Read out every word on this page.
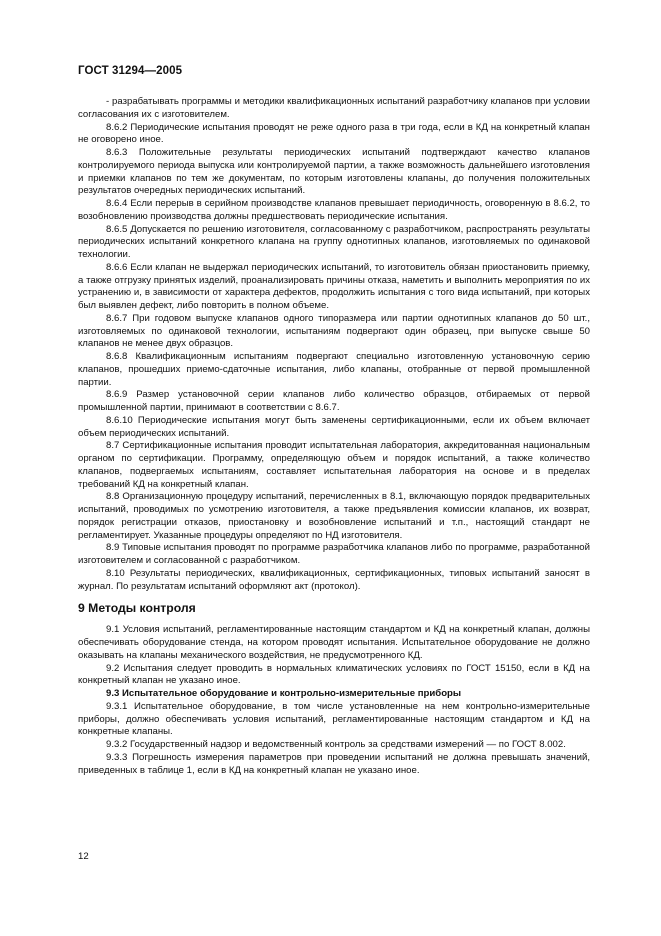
ГОСТ 31294—2005

- разрабатывать программы и методики квалификационных испытаний разработчику клапанов при условии согласования их с изготовителем.

8.6.2 Периодические испытания проводят не реже одного раза в три года, если в КД на конкретный клапан не оговорено иное.

8.6.3 Положительные результаты периодических испытаний подтверждают качество клапанов контролируемого периода выпуска или контролируемой партии, а также возможность дальнейшего изготовления и приемки клапанов по тем же документам, по которым изготовлены клапаны, до получения положительных результатов очередных периодических испытаний.

8.6.4 Если перерыв в серийном производстве клапанов превышает периодичность, оговоренную в 8.6.2, то возобновлению производства должны предшествовать периодические испытания.

8.6.5 Допускается по решению изготовителя, согласованному с разработчиком, распространять результаты периодических испытаний конкретного клапана на группу однотипных клапанов, изготовляемых по одинаковой технологии.

8.6.6 Если клапан не выдержал периодических испытаний, то изготовитель обязан приостановить приемку, а также отгрузку принятых изделий, проанализировать причины отказа, наметить и выполнить мероприятия по их устранению и, в зависимости от характера дефектов, продолжить испытания с того вида испытаний, при которых был выявлен дефект, либо повторить в полном объеме.

8.6.7 При годовом выпуске клапанов одного типоразмера или партии однотипных клапанов до 50 шт., изготовляемых по одинаковой технологии, испытаниям подвергают один образец, при выпуске свыше 50 клапанов не менее двух образцов.

8.6.8 Квалификационным испытаниям подвергают специально изготовленную установочную серию клапанов, прошедших приемо-сдаточные испытания, либо клапаны, отобранные от первой промышленной партии.

8.6.9 Размер установочной серии клапанов либо количество образцов, отбираемых от первой промышленной партии, принимают в соответствии с 8.6.7.

8.6.10 Периодические испытания могут быть заменены сертификационными, если их объем включает объем периодических испытаний.

8.7 Сертификационные испытания проводит испытательная лаборатория, аккредитованная национальным органом по сертификации. Программу, определяющую объем и порядок испытаний, а также количество клапанов, подвергаемых испытаниям, составляет испытательная лаборатория на основе и в пределах требований КД на конкретный клапан.

8.8 Организационную процедуру испытаний, перечисленных в 8.1, включающую порядок предварительных испытаний, проводимых по усмотрению изготовителя, а также предъявления комиссии клапанов, их возврат, порядок регистрации отказов, приостановку и возобновление испытаний и т.п., настоящий стандарт не регламентирует. Указанные процедуры определяют по НД изготовителя.

8.9 Типовые испытания проводят по программе разработчика клапанов либо по программе, разработанной изготовителем и согласованной с разработчиком.

8.10 Результаты периодических, квалификационных, сертификационных, типовых испытаний заносят в журнал. По результатам испытаний оформляют акт (протокол).

9 Методы контроля

9.1 Условия испытаний, регламентированные настоящим стандартом и КД на конкретный клапан, должны обеспечивать оборудование стенда, на котором проводят испытания. Испытательное оборудование не должно оказывать на клапаны механического воздействия, не предусмотренного КД.

9.2 Испытания следует проводить в нормальных климатических условиях по ГОСТ 15150, если в КД на конкретный клапан не указано иное.

9.3 Испытательное оборудование и контрольно-измерительные приборы

9.3.1 Испытательное оборудование, в том числе установленные на нем контрольно-измерительные приборы, должно обеспечивать условия испытаний, регламентированные настоящим стандартом и КД на конкретные клапаны.

9.3.2 Государственный надзор и ведомственный контроль за средствами измерений — по ГОСТ 8.002.

9.3.3 Погрешность измерения параметров при проведении испытаний не должна превышать значений, приведенных в таблице 1, если в КД на конкретный клапан не указано иное.

12
